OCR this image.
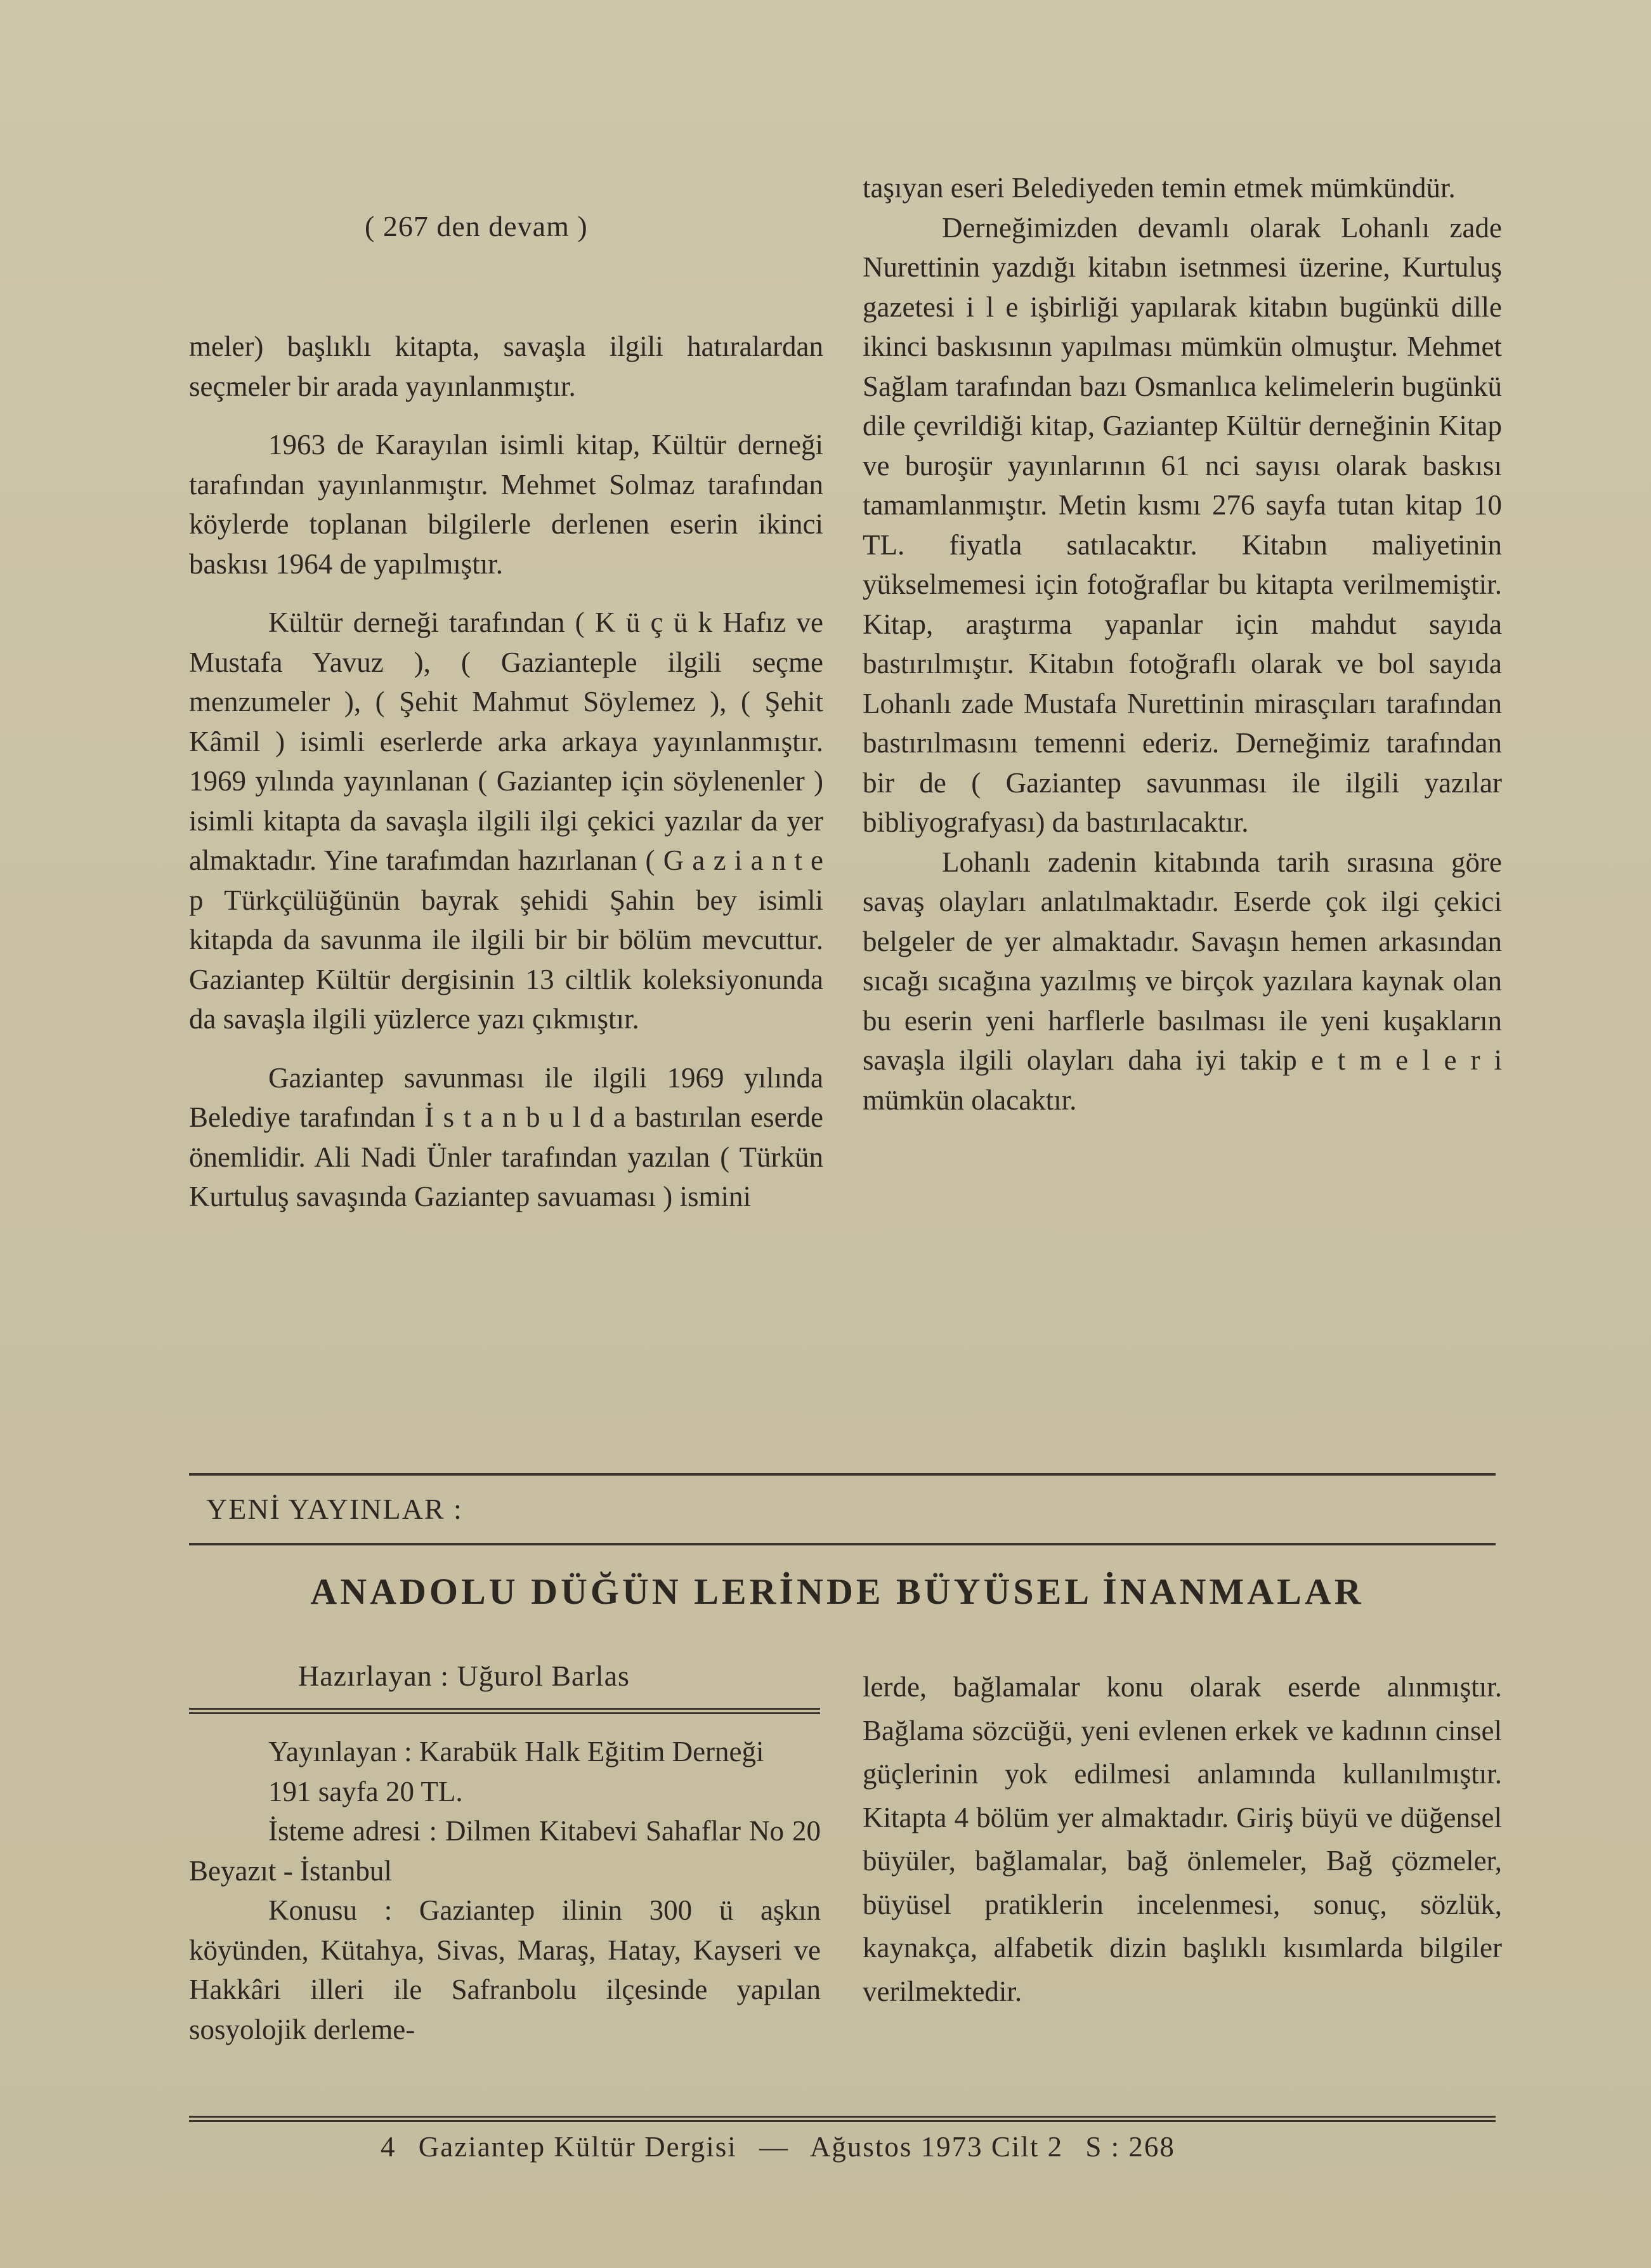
( 267 den devam )

meler) başlıklı kitapta, savaşla ilgili hatıralardan seçmeler bir arada yayınlanmıştır.

1963 de Karayılan isimli kitap, Kültür derneği tarafından yayınlanmıştır. Mehmet Solmaz tarafından köylerde toplanan bilgilerle derlenen eserin ikinci baskısı 1964 de yapılmıştır.

Kültür derneği tarafından ( K ü ç ü k Hafız ve Mustafa Yavuz ), ( Gazianteple ilgili seçme menzumeler ), ( Şehit Mahmut Söylemez ), ( Şehit Kâmil ) isimli eserlerde arka arkaya yayınlanmıştır. 1969 yılında yayınlanan ( Gaziantep için söylenenler ) isimli kitapta da savaşla ilgili ilgi çekici yazılar da yer almaktadır. Yine tarafımdan hazırlanan ( G a z i a n t e p Türkçülüğünün bayrak şehidi Şahin bey isimli kitapda da savunma ile ilgili bir bir bölüm mevcuttur. Gaziantep Kültür dergisinin 13 ciltlik koleksiyonunda da savaşla ilgili yüzlerce yazı çıkmıştır.

Gaziantep savunması ile ilgili 1969 yılında Belediye tarafından İ s t a n b u l d a bastırılan eserde önemlidir. Ali Nadi Ünler tarafından yazılan ( Türkün Kurtuluş savaşında Gaziantep savuaması ) ismini

taşıyan eseri Belediyeden temin etmek mümkündür.

Derneğimizden devamlı olarak Lohanlı zade Nurettinin yazdığı kitabın isetnmesi üzerine, Kurtuluş gazetesi i l e işbirliği yapılarak kitabın bugünkü dille ikinci baskısının yapılması mümkün olmuştur. Mehmet Sağlam tarafından bazı Osmanlıca kelimelerin bugünkü dile çevrildiği kitap, Gaziantep Kültür derneğinin Kitap ve buroşür yayınlarının 61 nci sayısı olarak baskısı tamamlanmıştır. Metin kısmı 276 sayfa tutan kitap 10 TL. fiyatla satılacaktır. Kitabın maliyetinin yükselmemesi için fotoğraflar bu kitapta verilmemiştir. Kitap, araştırma yapanlar için mahdut sayıda bastırılmıştır. Kitabın fotoğraflı olarak ve bol sayıda Lohanlı zade Mustafa Nurettinin mirasçıları tarafından bastırılmasını temenni ederiz. Derneğimiz tarafından bir de ( Gaziantep savunması ile ilgili yazılar bibliyografyası) da bastırılacaktır.

Lohanlı zadenin kitabında tarih sırasına göre savaş olayları anlatılmaktadır. Eserde çok ilgi çekici belgeler de yer almaktadır. Savaşın hemen arkasından sıcağı sıcağına yazılmış ve birçok yazılara kaynak olan bu eserin yeni harflerle basılması ile yeni kuşakların savaşla ilgili olayları daha iyi takip e t m e l e r i mümkün olacaktır.

YENİ YAYINLAR :
ANADOLU DÜĞÜN LERİNDE BÜYÜSEL İNANMALAR
Hazırlayan : Uğurol Barlas

Yayınlayan : Karabük Halk Eğitim Derneği

191 sayfa 20 TL.

İsteme adresi : Dilmen Kitabevi Sahaflar No 20 Beyazıt - İstanbul

Konusu : Gaziantep ilinin 300 ü aşkın köyünden, Kütahya, Sivas, Maraş, Hatay, Kayseri ve Hakkâri illeri ile Safranbolu ilçesinde yapılan sosyolojik derleme-

lerde, bağlamalar konu olarak eserde alınmıştır. Bağlama sözcüğü, yeni evlenen erkek ve kadının cinsel güçlerinin yok edilmesi anlamında kullanılmıştır. Kitapta 4 bölüm yer almaktadır. Giriş büyü ve düğensel büyüler, bağlamalar, bağ önlemeler, Bağ çözmeler, büyüsel pratiklerin incelenmesi, sonuç, sözlük, kaynakça, alfabetik dizin başlıklı kısımlarda bilgiler verilmektedir.

4 Gaziantep Kültür Dergisi — Ağustos 1973 Cilt 2 S : 268
